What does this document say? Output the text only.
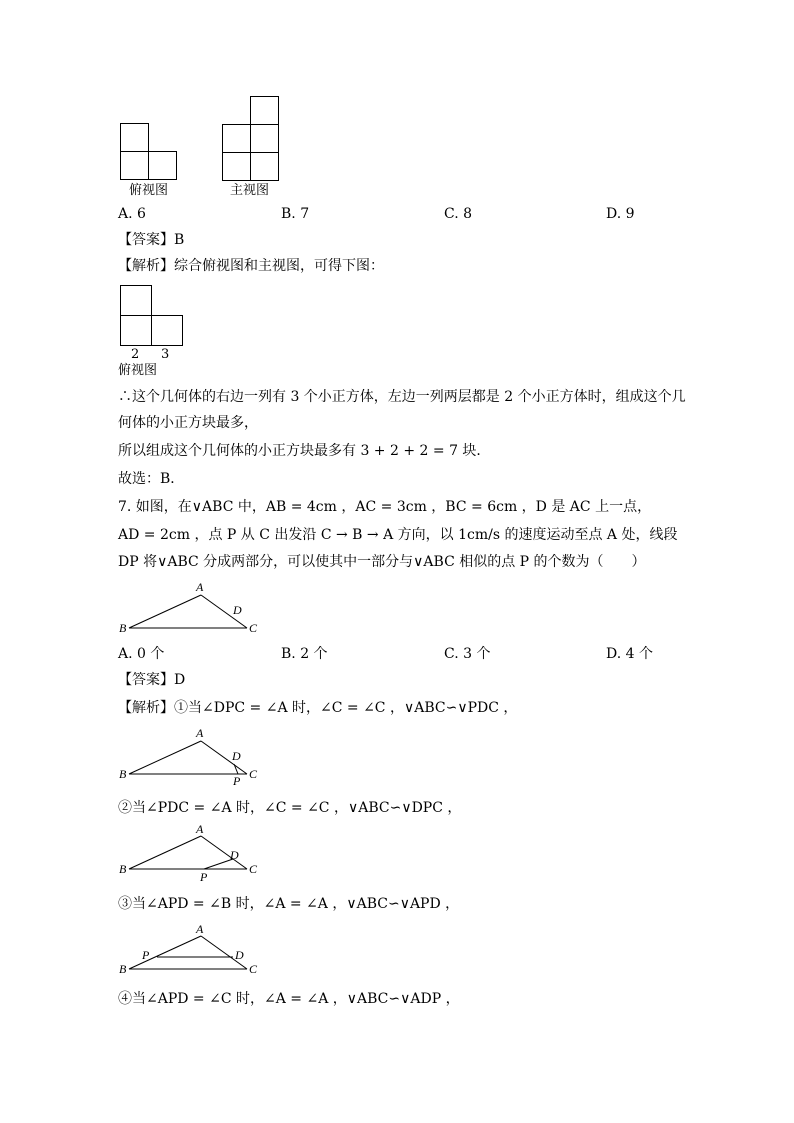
俯视图	主视图
A. 6	B. 7	C. 8	D. 9
【答案】B
【解析】综合俯视图和主视图，可得下图：
2 3
俯视图
∴这个几何体的右边一列有 3 个小正方体，左边一列两层都是 2 个小正方体时，组成这个几
何体的小正方块最多，
所以组成这个几何体的小正方块最多有 3 + 2 + 2 = 7 块．
故选：B．
7. 如图，在∨ABC 中，AB = 4cm ，AC = 3cm ，BC = 6cm ，D 是 AC 上一点，
AD = 2cm ，点 P 从 C 出发沿 C → B → A 方向，以 1cm/s 的速度运动至点 A 处，线段
DP 将∨ABC 分成两部分，可以使其中一部分与∨ABC 相似的点 P 的个数为（　　）
A
B	C
D
A. 0 个	B. 2 个	C. 3 个	D. 4 个
【答案】D
【解析】①当∠DPC = ∠A 时，∠C = ∠C ，∨ABC∽∨PDC ，
A
B	C
D
P
②当∠PDC = ∠A 时，∠C = ∠C ，∨ABC∽∨DPC ，
A
B	C
D
P
③当∠APD = ∠B 时，∠A = ∠A ，∨ABC∽∨APD ，
A
B	C
D
P
④当∠APD = ∠C 时，∠A = ∠A ，∨ABC∽∨ADP ，
